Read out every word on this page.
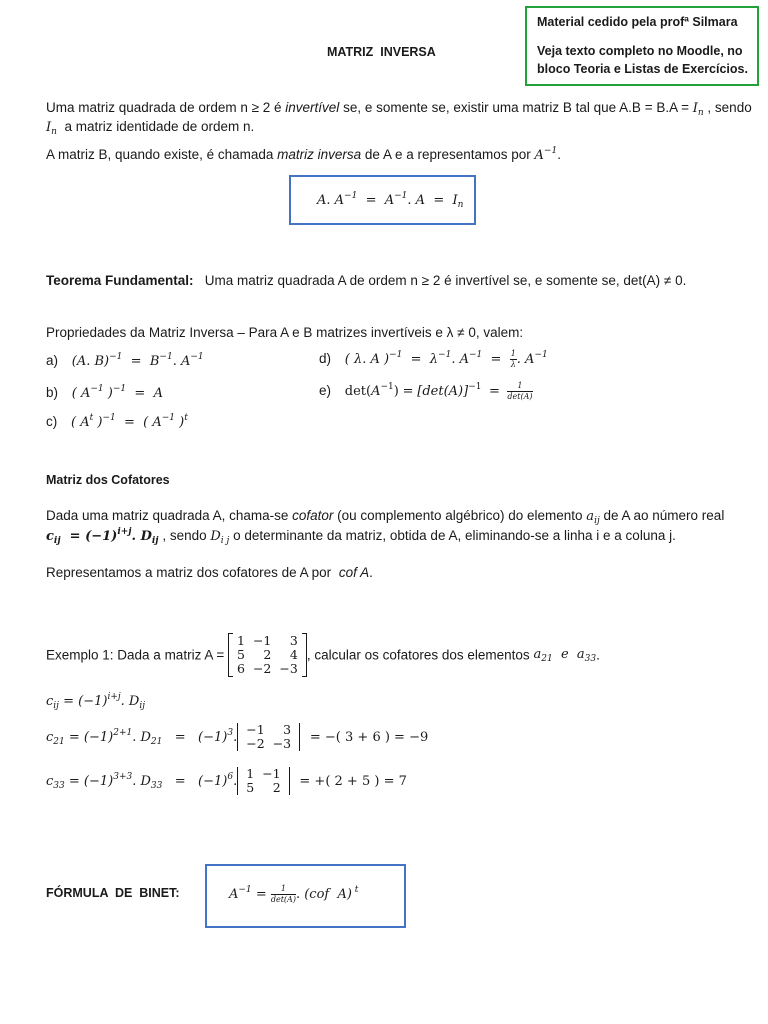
Material cedido pela profª Silmara
Veja texto completo no Moodle, no bloco Teoria e Listas de Exercícios.
MATRIZ  INVERSA
Uma matriz quadrada de ordem n ≥ 2 é invertível se, e somente se, existir uma matriz B tal que $A.B = B.A = I_n$ , sendo
$I_n$ a matriz identidade de ordem n.
A matriz B, quando existe, é chamada matriz inversa de A e a representamos por $A^{-1}$.
A. $A^{-1} = A^{-1}$. $A = I_n$
Teorema Fundamental: Uma matriz quadrada A de ordem n ≥ 2 é invertível se, e somente se, det(A) ≠ 0.
Propriedades da Matriz Inversa – Para A e B matrizes invertíveis e λ ≠ 0, valem:
a) (A. $B)^{-1} = B^{-1}$. $A^{-1}$
b) ( $A^{-1}$ )$^{-1}$  =  A
c) ( $A^t$ )$^{-1}$  =  ( $A^{-1}$ )$^t$
d) ( λ. A )$^{-1} = \lambda^{-1}$. $A^{-1} = \frac{1}{\lambda}$ . $A^{-1}$
e) $\det(A^{-1}) = [\det(A)]^{-1} = \frac{1}{\det(A)}$
Matriz dos Cofatores
Dada uma matriz quadrada A, chama-se cofator (ou complemento algébrico) do elemento $a_{ij}$ de A ao número real
$c_{ij} = (-1)^{i+j}$. $D_{ij}$ , sendo $D_{i j}$ o determinante da matriz, obtida de A, eliminando-se a linha i e a coluna j.
Representamos a matriz dos cofatores de A por cof A.
Exemplo 1: Dada a matriz A =
1	−1	3
5	2	4
6	−2	−3
, calcular os cofatores dos elementos $a_{21}$ e  $a_{33}$.
$c_{ij} = (-1)^{i+j}$. $D_{ij}$
$c_{21} = (-1)^{2+1}$. $D_{21} = (-1)^3$. −1	3
−2	−3 = −( 3 + 6 ) = −9
$c_{33} = (-1)^{3+3}$. $D_{33} = (-1)^6$. 1	−1
5	2 = +( 2 + 5 ) = 7
FÓRMULA  DE  BINET:	$A^{-1} = \frac{1}{\det(A)}$ . (cof  A) $^t$
